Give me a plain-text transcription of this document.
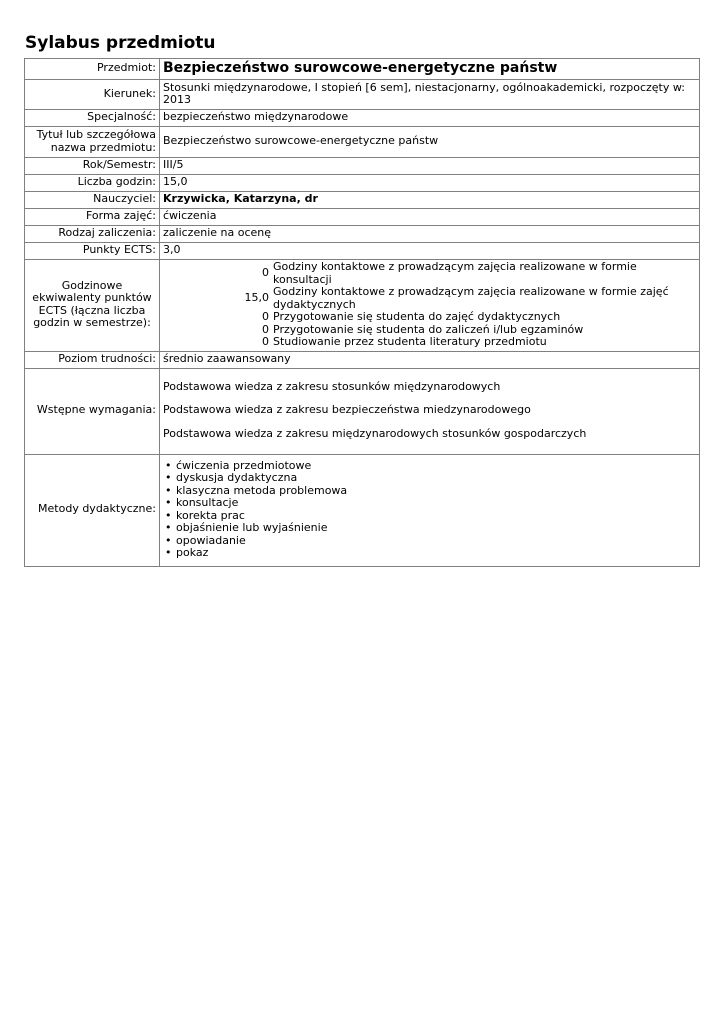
Sylabus przedmiotu
Przedmiot:	Bezpieczeństwo surowcowe-energetyczne państw
Kierunek:	Stosunki międzynarodowe, I stopień [6 sem], niestacjonarny, ogólnoakademicki, rozpoczęty w: 2013
Specjalność:	bezpieczeństwo międzynarodowe
Tytuł lub szczegółowa nazwa przedmiotu:	Bezpieczeństwo surowcowe-energetyczne państw
Rok/Semestr:	III/5
Liczba godzin:	15,0
Nauczyciel:	Krzywicka, Katarzyna, dr
Forma zajęć:	ćwiczenia
Rodzaj zaliczenia:	zaliczenie na ocenę
Punkty ECTS:	3,0
Godzinowe ekwiwalenty punktów ECTS (łączna liczba godzin w semestrze):	
0	Godziny kontaktowe z prowadzącym zajęcia realizowane w formie konsultacji
15,0	Godziny kontaktowe z prowadzącym zajęcia realizowane w formie zajęć dydaktycznych
0	Przygotowanie się studenta do zajęć dydaktycznych
0	Przygotowanie się studenta do zaliczeń i/lub egzaminów
0	Studiowanie przez studenta literatury przedmiotu

Poziom trudności:	średnio zaawansowany
Wstępne wymagania:	

Podstawowa wiedza z zakresu stosunków międzynarodowych

Podstawowa wiedza z zakresu bezpieczeństwa miedzynarodowego

Podstawowa wiedza z zakresu międzynarodowych stosunków gospodarczych

Metody dydaktyczne:	
• ćwiczenia przedmiotowe
• dyskusja dydaktyczna
• klasyczna metoda problemowa
• konsultacje
• korekta prac
• objaśnienie lub wyjaśnienie
• opowiadanie
• pokaz
